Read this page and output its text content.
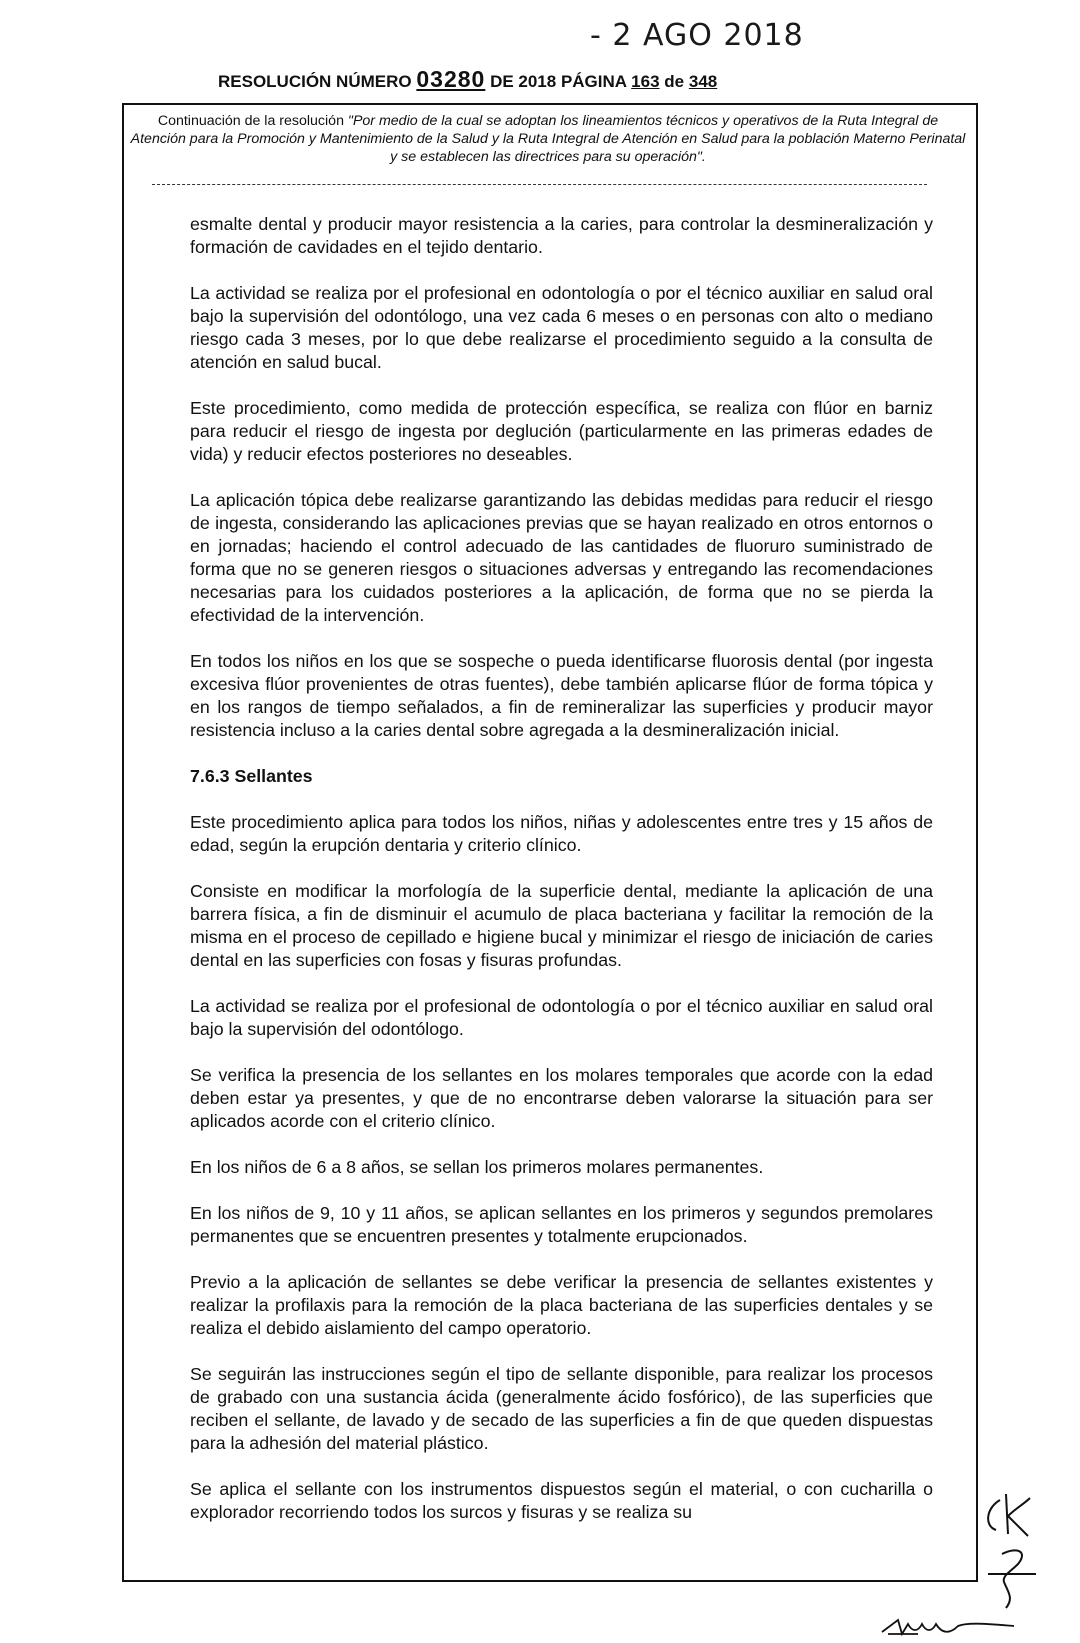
- 2 AGO 2018
RESOLUCIÓN NÚMERO 03280 DE 2018 PÁGINA 163 de 348
Continuación de la resolución "Por medio de la cual se adoptan los lineamientos técnicos y operativos de la Ruta Integral de Atención para la Promoción y Mantenimiento de la Salud y la Ruta Integral de Atención en Salud para la población Materno Perinatal y se establecen las directrices para su operación".

esmalte dental y producir mayor resistencia a la caries, para controlar la desmineralización y formación de cavidades en el tejido dentario.

La actividad se realiza por el profesional en odontología o por el técnico auxiliar en salud oral bajo la supervisión del odontólogo, una vez cada 6 meses o en personas con alto o mediano riesgo cada 3 meses, por lo que debe realizarse el procedimiento seguido a la consulta de atención en salud bucal.

Este procedimiento, como medida de protección específica, se realiza con flúor en barniz para reducir el riesgo de ingesta por deglución (particularmente en las primeras edades de vida) y reducir efectos posteriores no deseables.

La aplicación tópica debe realizarse garantizando las debidas medidas para reducir el riesgo de ingesta, considerando las aplicaciones previas que se hayan realizado en otros entornos o en jornadas; haciendo el control adecuado de las cantidades de fluoruro suministrado de forma que no se generen riesgos o situaciones adversas y entregando las recomendaciones necesarias para los cuidados posteriores a la aplicación, de forma que no se pierda la efectividad de la intervención.

En todos los niños en los que se sospeche o pueda identificarse fluorosis dental (por ingesta excesiva flúor provenientes de otras fuentes), debe también aplicarse flúor de forma tópica y en los rangos de tiempo señalados, a fin de remineralizar las superficies y producir mayor resistencia incluso a la caries dental sobre agregada a la desmineralización inicial.

7.6.3 Sellantes

Este procedimiento aplica para todos los niños, niñas y adolescentes entre tres y 15 años de edad, según la erupción dentaria y criterio clínico.

Consiste en modificar la morfología de la superficie dental, mediante la aplicación de una barrera física, a fin de disminuir el acumulo de placa bacteriana y facilitar la remoción de la misma en el proceso de cepillado e higiene bucal y minimizar el riesgo de iniciación de caries dental en las superficies con fosas y fisuras profundas.

La actividad se realiza por el profesional de odontología o por el técnico auxiliar en salud oral bajo la supervisión del odontólogo.

Se verifica la presencia de los sellantes en los molares temporales que acorde con la edad deben estar ya presentes, y que de no encontrarse deben valorarse la situación para ser aplicados acorde con el criterio clínico.

En los niños de 6 a 8 años, se sellan los primeros molares permanentes.

En los niños de 9, 10 y 11 años, se aplican sellantes en los primeros y segundos premolares permanentes que se encuentren presentes y totalmente erupcionados.

Previo a la aplicación de sellantes se debe verificar la presencia de sellantes existentes y realizar la profilaxis para la remoción de la placa bacteriana de las superficies dentales y se realiza el debido aislamiento del campo operatorio.

Se seguirán las instrucciones según el tipo de sellante disponible, para realizar los procesos de grabado con una sustancia ácida (generalmente ácido fosfórico), de las superficies que reciben el sellante, de lavado y de secado de las superficies a fin de que queden dispuestas para la adhesión del material plástico.

Se aplica el sellante con los instrumentos dispuestos según el material, o con cucharilla o explorador recorriendo todos los surcos y fisuras y se realiza su
